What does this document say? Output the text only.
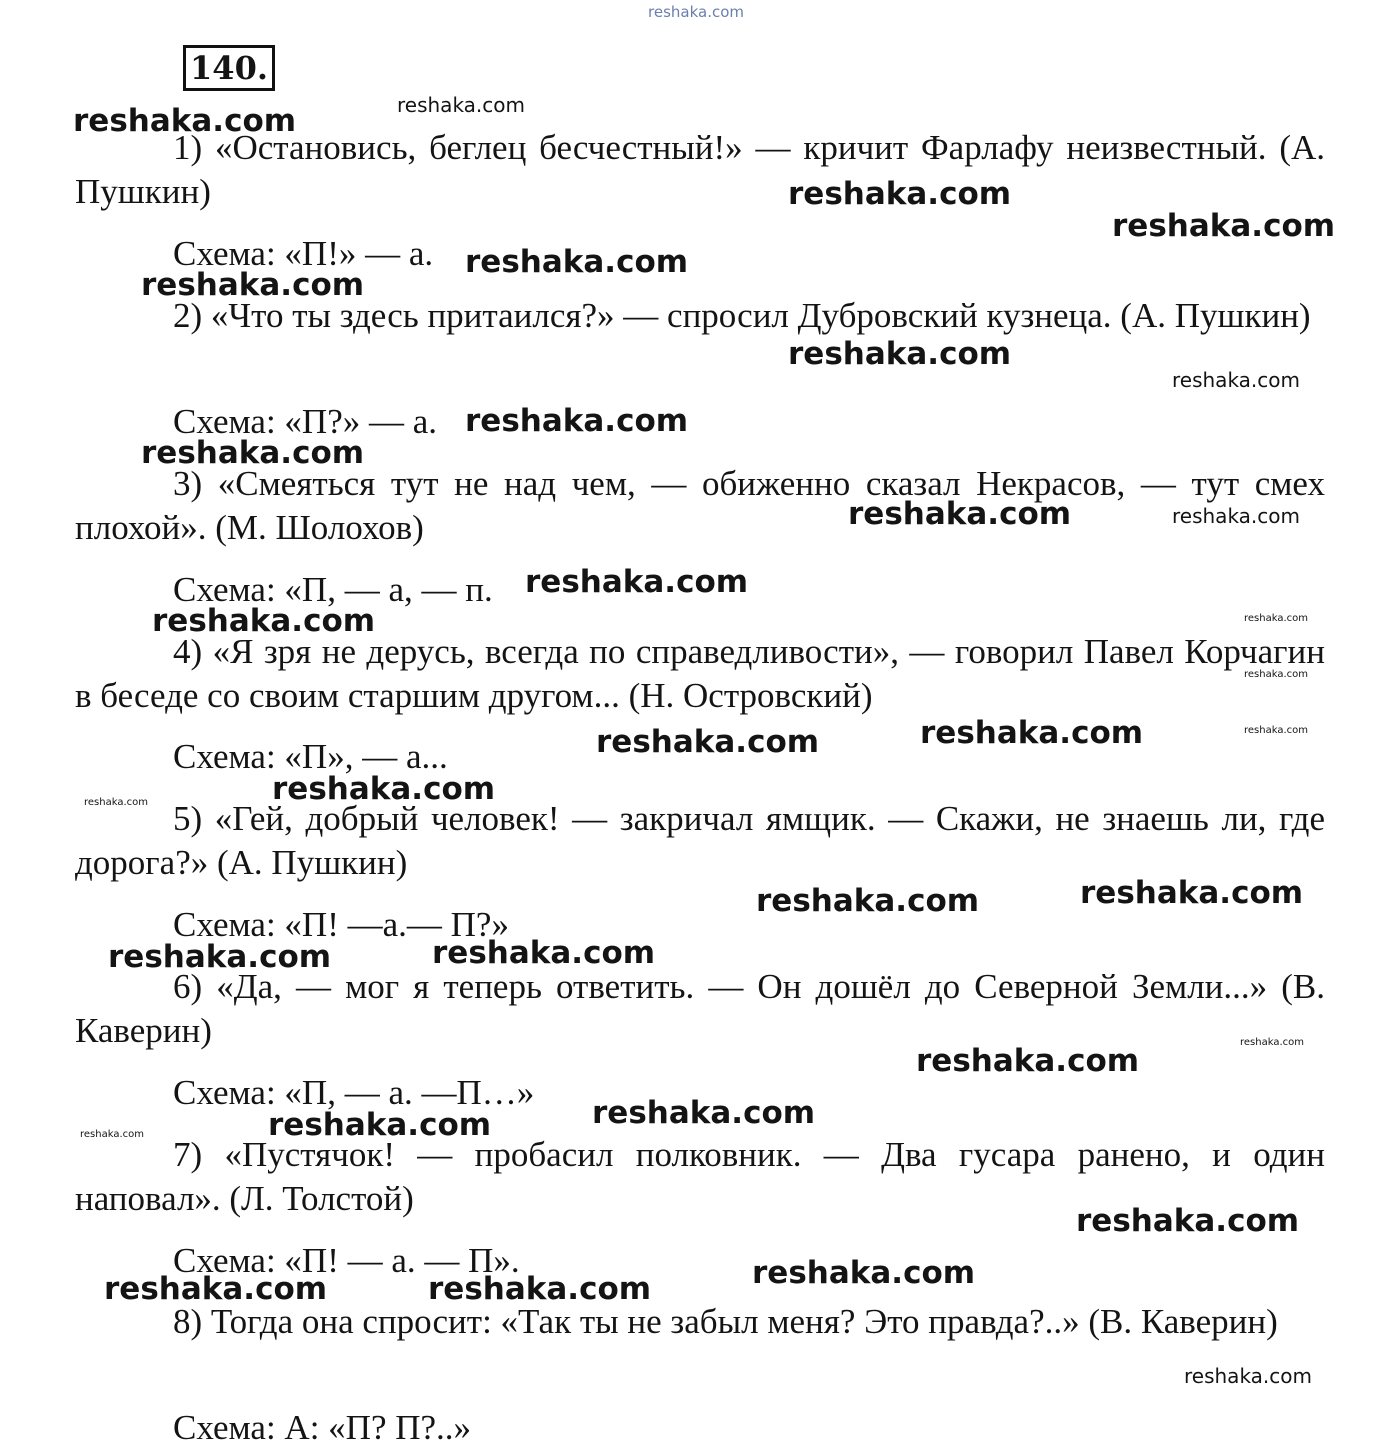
reshaka.com
140.

1) «Остановись, беглец бесчестный!» — кричит Фарлафу неизвестный. (А. Пушкин)

Схема: «П!» — а.

2) «Что ты здесь притаился?» — спросил Дубровский кузнеца. (А. Пушкин)

Схема: «П?» — а.

3) «Смеяться тут не над чем, — обиженно сказал Некрасов, — тут смех плохой». (М. Шолохов)

Схема: «П, — а, — п.

4) «Я зря не дерусь, всегда по справедливости», — говорил Павел Корчагин в беседе со своим старшим другом... (Н. Островский)

Схема: «П», — а...

5) «Гей, добрый человек! — закричал ямщик. — Скажи, не знаешь ли, где дорога?» (А. Пушкин)

Схема: «П! —а.— П?»

6) «Да, — мог я теперь ответить. — Он дошёл до Северной Земли...» (В. Каверин)

Схема: «П, — а. —П…»

7) «Пустячок! — пробасил полковник. — Два гусара ранено, и один наповал». (Л. Толстой)

Схема: «П! — а. — П».

8) Тогда она спросит: «Так ты не забыл меня? Это правда?..» (В. Каверин)

Схема: А: «П? П?..»
reshaka.com
reshaka.com
reshaka.com
reshaka.com
reshaka.com
reshaka.com
reshaka.com
reshaka.com
reshaka.com
reshaka.com
reshaka.com	reshaka.com
reshaka.com
reshaka.com	reshaka.com
reshaka.com
reshaka.com
reshaka.com
reshaka.com
reshaka.com
reshaka.com
reshaka.com
reshaka.com
reshaka.com
reshaka.com
reshaka.com
reshaka.com
reshaka.com
reshaka.com
reshaka.com
reshaka.com
reshaka.com
reshaka.com
reshaka.com
reshaka.com
